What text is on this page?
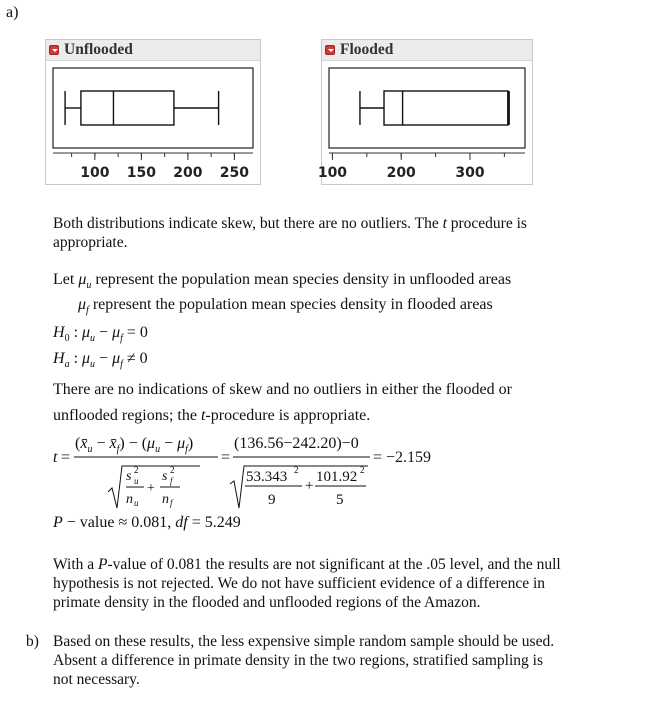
a)
Unflooded
100 150 200 250
Flooded
100	200	300
Both distributions indicate skew, but there are no outliers. The t procedure is
appropriate.
Let $\mu_u$ represent the population mean species density in unflooded areas
$\mu_f$ represent the population mean species density in flooded areas
$H_0$ : $\mu_u - \mu_f = 0$
$H_a$ : $\mu_u - \mu_f \ne 0$
There are no indications of skew and no outliers in either the flooded or
unflooded regions; the t-procedure is appropriate.
t =
($x̄_u$ − $x̄_f) - (\mu_u - \mu_f)$
s 2
u
n u
+
s 2
f
n f
=
(136.56−242.20)−0
53.343 2
9
+
101.92 2
5
= −2.159
P − value ≈ 0.081, df = 5.249
With a P-value of 0.081 the results are not significant at the .05 level, and the null
hypothesis is not rejected. We do not have sufficient evidence of a difference in
primate density in the flooded and unflooded regions of the Amazon.
b) Based on these results, the less expensive simple random sample should be used.
Absent a difference in primate density in the two regions, stratified sampling is
not necessary.
